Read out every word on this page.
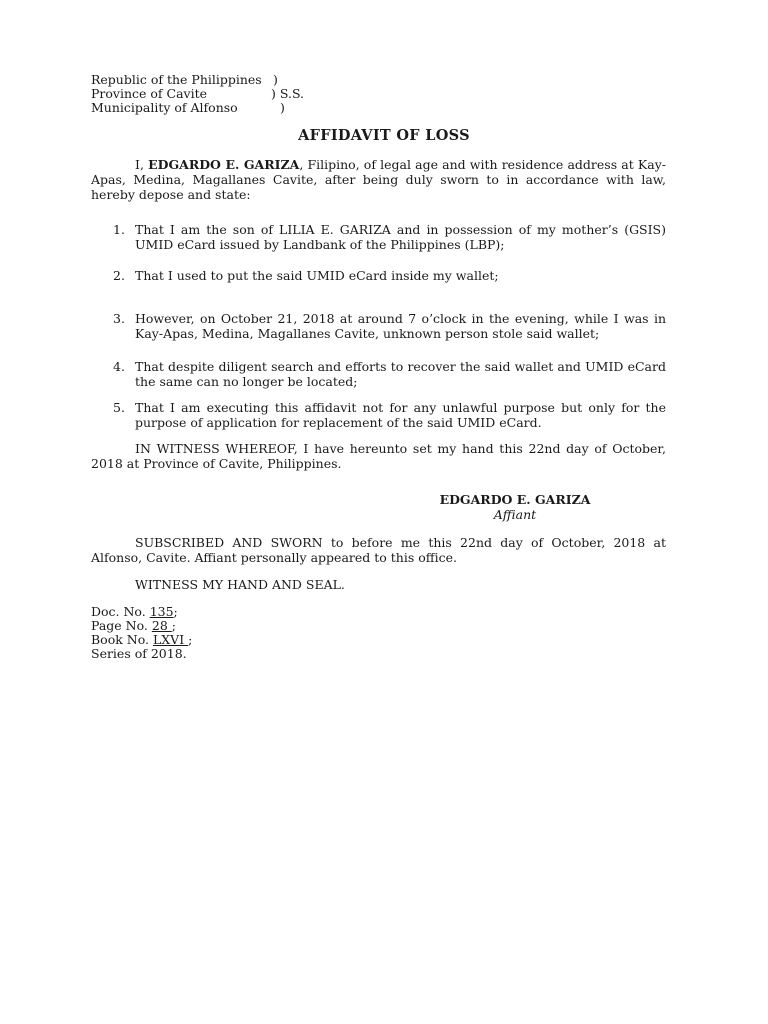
Republic of the Philippines )
Province of Cavite	) S.S.
Municipality of Alfonso	)
AFFIDAVIT OF LOSS
I, EDGARDO E. GARIZA, Filipino, of legal age and with residence address at Kay-Apas, Medina, Magallanes Cavite, after being duly sworn to in accordance with law, hereby depose and state:
1. That I am the son of LILIA E. GARIZA and in possession of my mother’s (GSIS) UMID eCard issued by Landbank of the Philippines (LBP);
2. That I used to put the said UMID eCard inside my wallet;
3. However, on October 21, 2018 at around 7 o’clock in the evening, while I was in Kay-Apas, Medina, Magallanes Cavite, unknown person stole said wallet;
4. That despite diligent search and efforts to recover the said wallet and UMID eCard the same can no longer be located;
5. That I am executing this affidavit not for any unlawful purpose but only for the purpose of application for replacement of the said UMID eCard.
IN WITNESS WHEREOF, I have hereunto set my hand this 22nd day of October, 2018 at Province of Cavite, Philippines.
EDGARDO E. GARIZA
Affiant
SUBSCRIBED AND SWORN to before me this 22nd day of October, 2018 at Alfonso, Cavite. Affiant personally appeared to this office.
WITNESS MY HAND AND SEAL.
Doc. No. 135;
Page No. 28 ;
Book No. LXVI ;
Series of 2018.
